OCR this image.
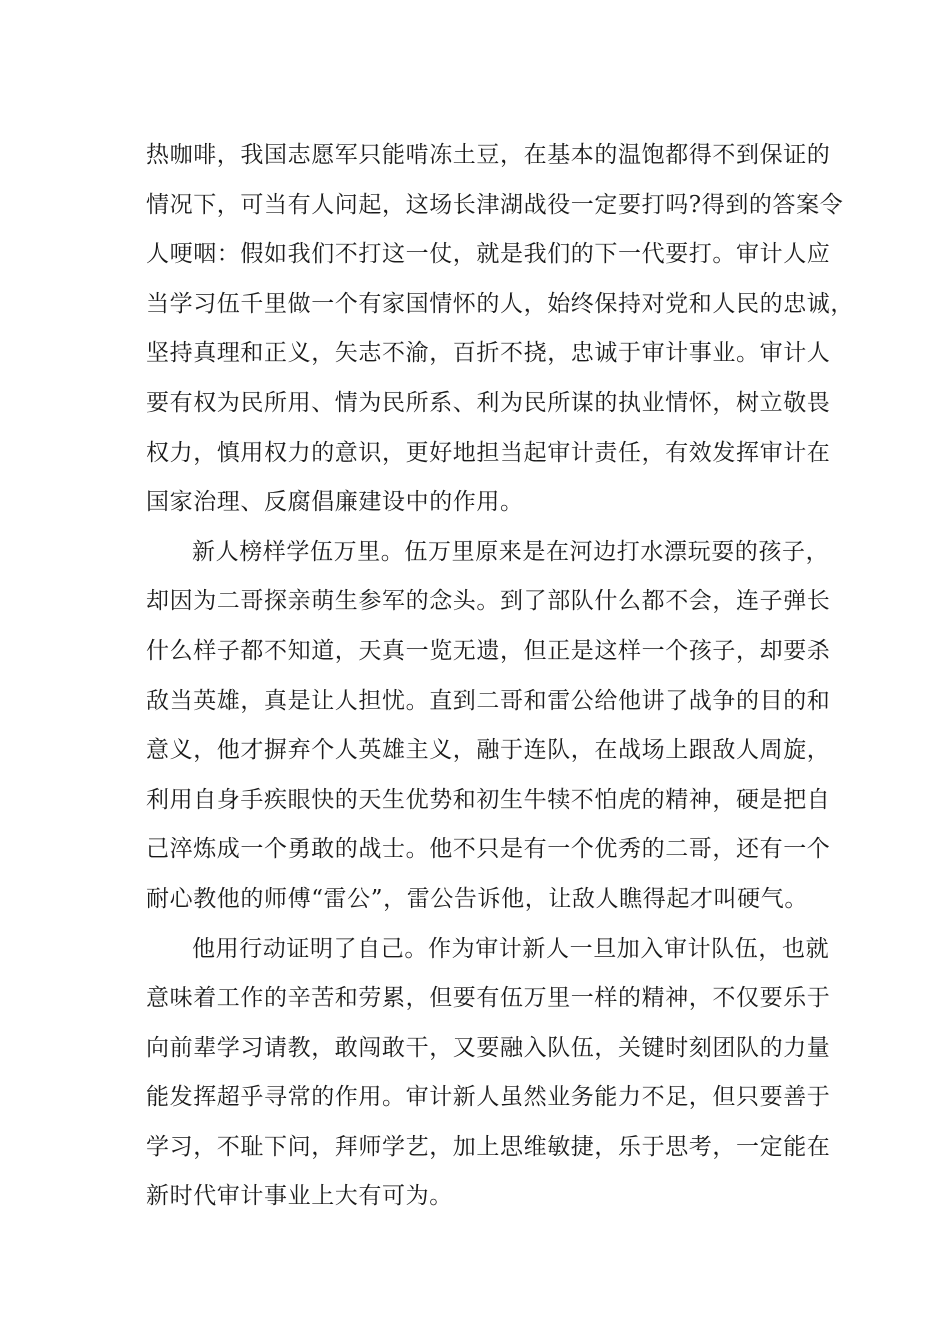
热咖啡，我国志愿军只能啃冻土豆，在基本的温饱都得不到保证的
情况下，可当有人问起，这场长津湖战役一定要打吗?得到的答案令
人哽咽：假如我们不打这一仗，就是我们的下一代要打。审计人应
当学习伍千里做一个有家国情怀的人，始终保持对党和人民的忠诚，
坚持真理和正义，矢志不渝，百折不挠，忠诚于审计事业。审计人
要有权为民所用、情为民所系、利为民所谋的执业情怀，树立敬畏
权力，慎用权力的意识，更好地担当起审计责任，有效发挥审计在
国家治理、反腐倡廉建设中的作用。
新人榜样学伍万里。伍万里原来是在河边打水漂玩耍的孩子，
却因为二哥探亲萌生参军的念头。到了部队什么都不会，连子弹长
什么样子都不知道，天真一览无遗，但正是这样一个孩子，却要杀
敌当英雄，真是让人担忧。直到二哥和雷公给他讲了战争的目的和
意义，他才摒弃个人英雄主义，融于连队，在战场上跟敌人周旋，
利用自身手疾眼快的天生优势和初生牛犊不怕虎的精神，硬是把自
己淬炼成一个勇敢的战士。他不只是有一个优秀的二哥，还有一个
耐心教他的师傅“雷公”，雷公告诉他，让敌人瞧得起才叫硬气。
他用行动证明了自己。作为审计新人一旦加入审计队伍，也就
意味着工作的辛苦和劳累，但要有伍万里一样的精神，不仅要乐于
向前辈学习请教，敢闯敢干，又要融入队伍，关键时刻团队的力量
能发挥超乎寻常的作用。审计新人虽然业务能力不足，但只要善于
学习，不耻下问，拜师学艺，加上思维敏捷，乐于思考，一定能在
新时代审计事业上大有可为。
